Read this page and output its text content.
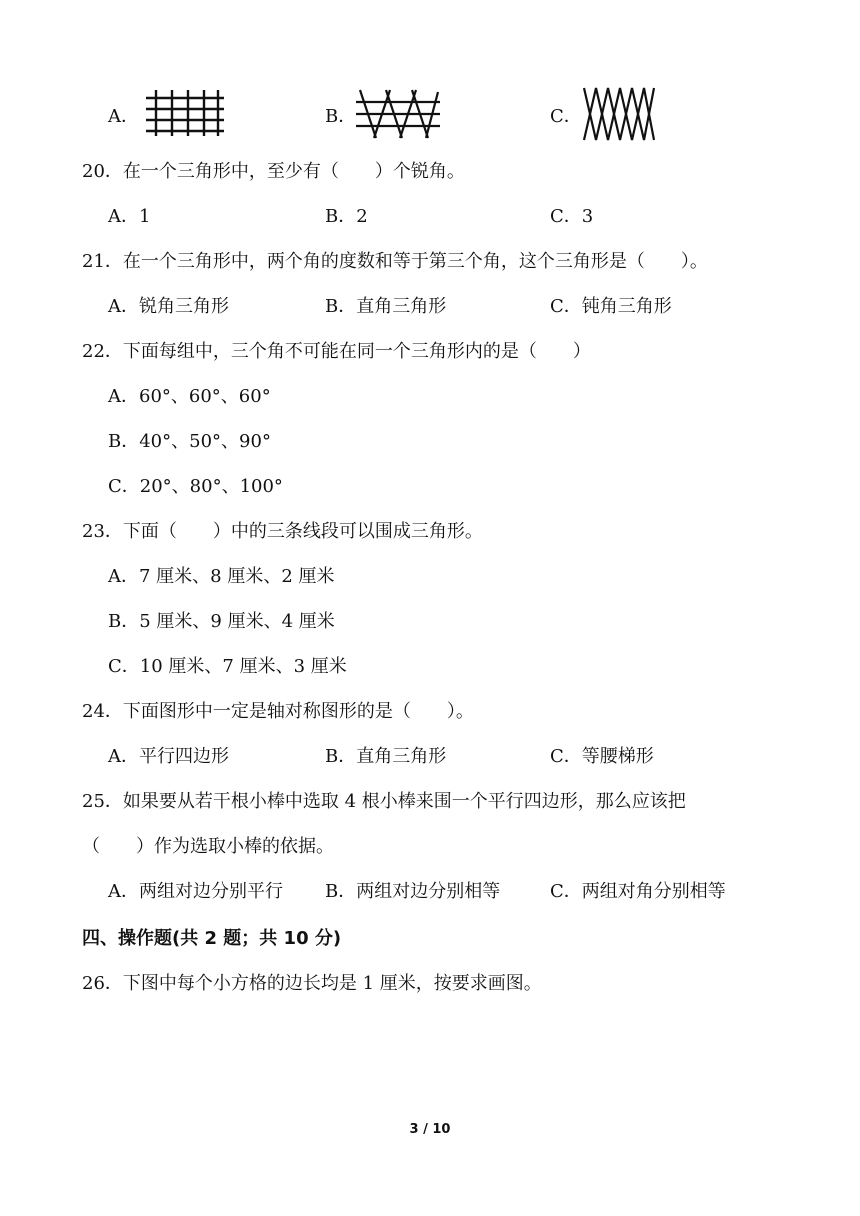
A．	B．	C．
20．在一个三角形中，至少有（　　）个锐角。
A．1	B．2	C．3
21．在一个三角形中，两个角的度数和等于第三个角，这个三角形是（　　）。
A．锐角三角形	B．直角三角形	C．钝角三角形
22．下面每组中，三个角不可能在同一个三角形内的是（　　）
A．60°、60°、60°
B．40°、50°、90°
C．20°、80°、100°
23．下面（　　）中的三条线段可以围成三角形。
A．7 厘米、8 厘米、2 厘米
B．5 厘米、9 厘米、4 厘米
C．10 厘米、7 厘米、3 厘米
24．下面图形中一定是轴对称图形的是（　　）。
A．平行四边形	B．直角三角形	C．等腰梯形
25．如果要从若干根小棒中选取 4 根小棒来围一个平行四边形，那么应该把
（　　）作为选取小棒的依据。
A．两组对边分别平行 B．两组对边分别相等	C．两组对角分别相等
四、操作题(共 2 题；共 10 分)
26．下图中每个小方格的边长均是 1 厘米，按要求画图。
3 / 10
